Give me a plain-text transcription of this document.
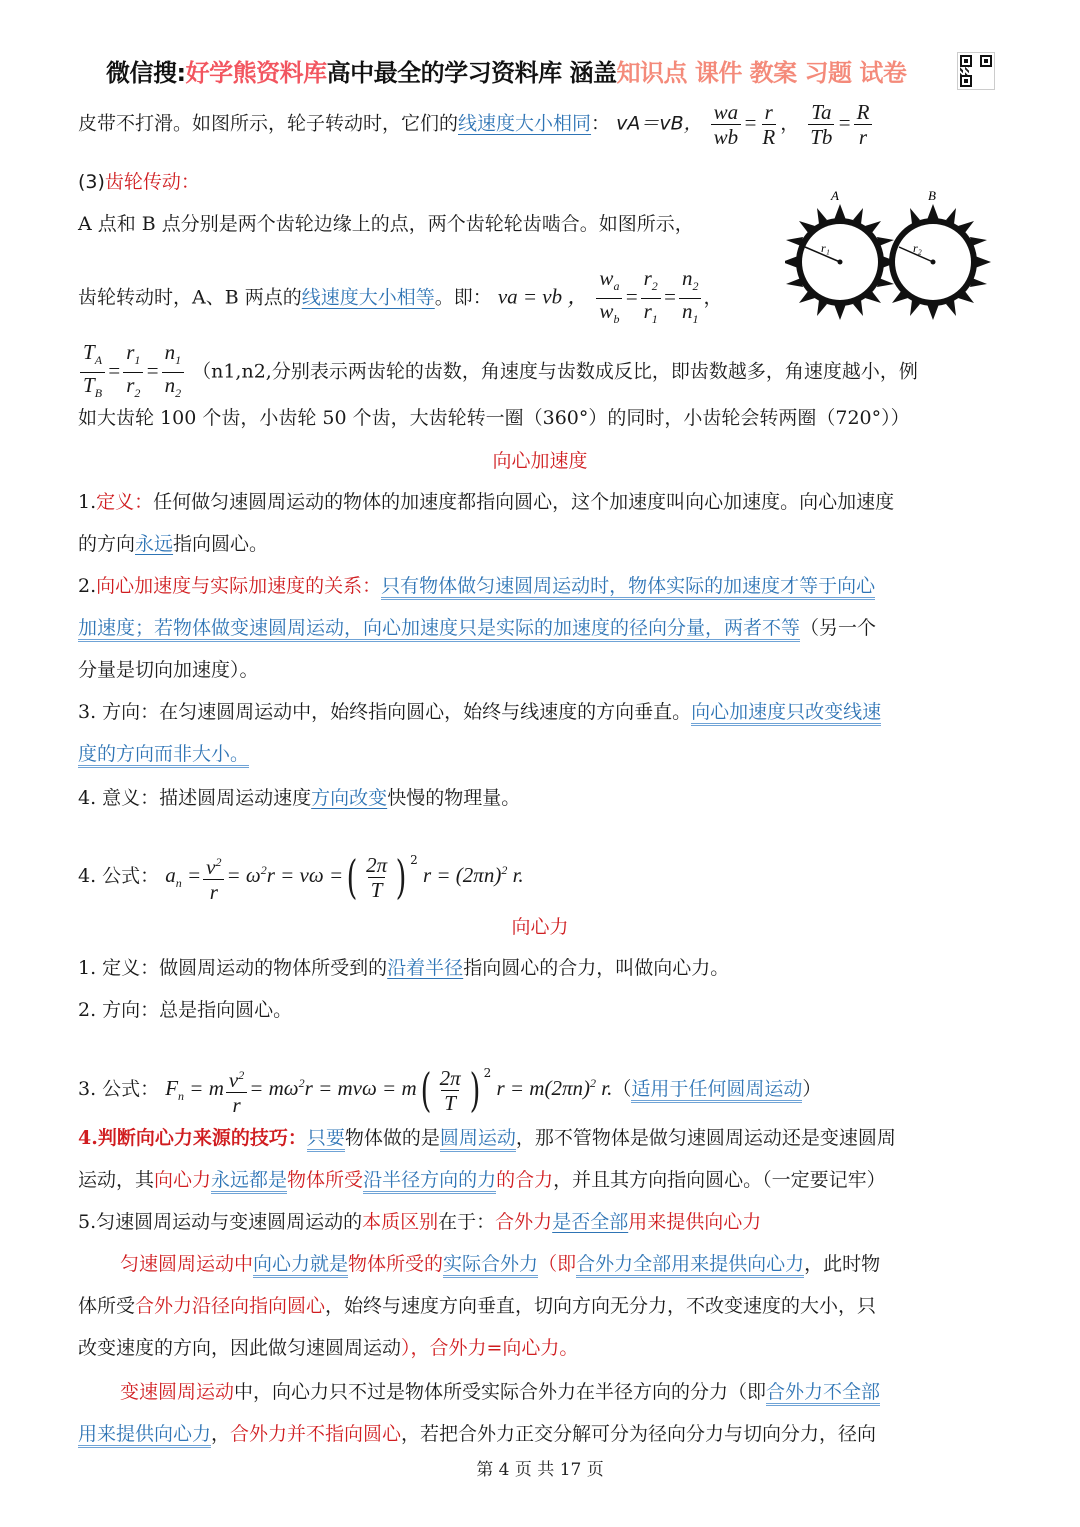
微信搜: 好学熊资料库 高中最全的学习资料库 涵盖 知识点 课件 教案 习题 试卷
皮带不打滑。如图所示，轮子转动时，它们的线速度大小相同： vA＝vB， $\frac{wa}{wb} = \frac{r}{R}$ ， $\frac{Ta}{Tb} = \frac{R}{r}$
(3)齿轮传动：
A 点和 B 点分别是两个齿轮边缘上的点，两个齿轮轮齿啮合。如图所示，
齿轮转动时，A、B 两点的线速度大小相等。即： va = vb ， $\frac{w_a}{w_b} = \frac{r_2}{r_1} = \frac{n_2}{n_1}$ ，
A
r₁
B
r₂
$\frac{T_A}{T_B} = \frac{r_1}{r_2} = \frac{n_1}{n_2} (n1,n2$,分别表示两齿轮的齿数，角速度与齿数成反比，即齿数越多，角速度越小，例
如大齿轮 100 个齿，小齿轮 50 个齿，大齿轮转一圈（360°）的同时，小齿轮会转两圈（720°））
向心加速度
1.定义：任何做匀速圆周运动的物体的加速度都指向圆心，这个加速度叫向心加速度。向心加速度
的方向永远指向圆心。
2.向心加速度与实际加速度的关系：只有物体做匀速圆周运动时，物体实际的加速度才等于向心
加速度；若物体做变速圆周运动，向心加速度只是实际的加速度的径向分量，两者不等（另一个
分量是切向加速度）。
3. 方向：在匀速圆周运动中，始终指向圆心，始终与线速度的方向垂直。向心加速度只改变线速
度的方向而非大小。
4. 意义：描述圆周运动速度方向改变快慢的物理量。
4. 公式： $a_n = \frac{v^2}{r} = \omega^2r = v\omega$ =( $\frac{2\pi}{T}$ ) $^2$ $r = (2\pi n)^2$ r.
向心力
1. 定义：做圆周运动的物体所受到的沿着半径指向圆心的合力，叫做向心力。
2. 方向：总是指向圆心。
3. 公式： $F_n = m \frac{v^2}{r} = m\omega^2r = mv\omega = m( \frac{2\pi}{T}$ ) $^2$ $r = m(2\pi n)^2$ r.（适用于任何圆周运动）
4.判断向心力来源的技巧：只要物体做的是圆周运动，那不管物体是做匀速圆周运动还是变速圆周
运动，其向心力永远都是物体所受沿半径方向的力的合力，并且其方向指向圆心。（一定要记牢）
5.匀速圆周运动与变速圆周运动的本质区别在于：合外力是否全部用来提供向心力
匀速圆周运动中向心力就是物体所受的实际合外力（即合外力全部用来提供向心力，此时物
体所受合外力沿径向指向圆心，始终与速度方向垂直，切向方向无分力，不改变速度的大小，只
改变速度的方向，因此做匀速圆周运动），合外力=向心力。
变速圆周运动中，向心力只不过是物体所受实际合外力在半径方向的分力（即合外力不全部
用来提供向心力，合外力并不指向圆心，若把合外力正交分解可分为径向分力与切向分力，径向
第 4 页 共 17 页
